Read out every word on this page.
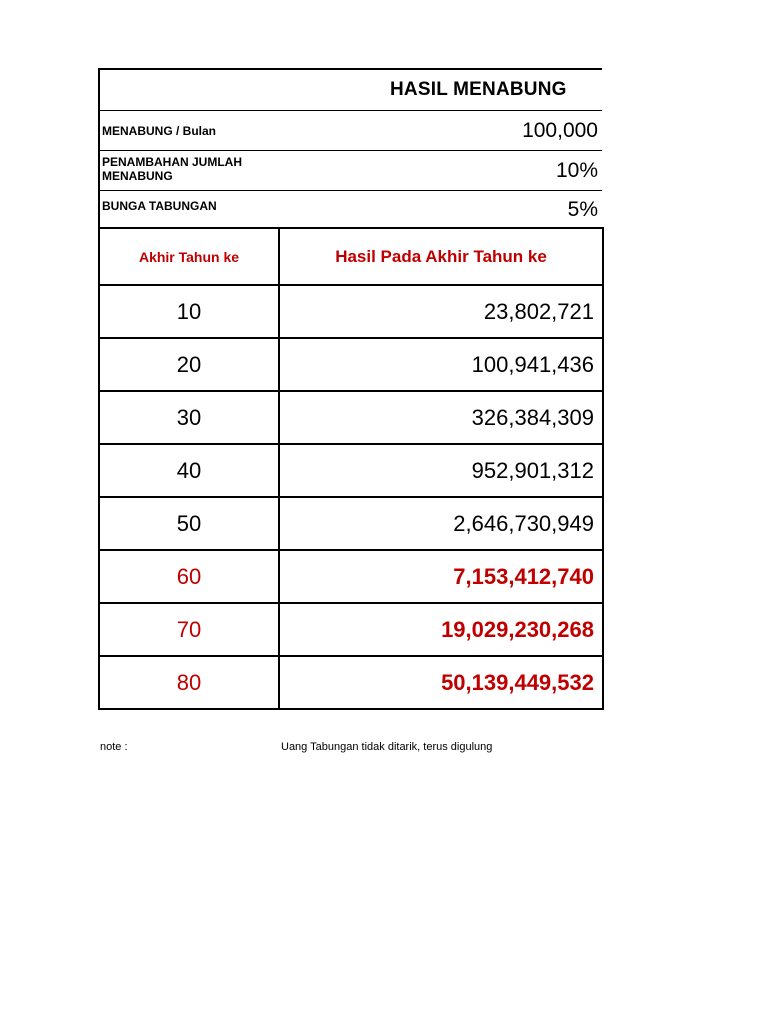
HASIL MENABUNG
MENABUNG / Bulan	100,000
PENAMBAHAN JUMLAH MENABUNG	10%
BUNGA TABUNGAN	5%
Akhir Tahun ke	Hasil Pada Akhir Tahun ke
10	23,802,721
20	100,941,436
30	326,384,309
40	952,901,312
50	2,646,730,949
60	7,153,412,740
70	19,029,230,268
80	50,139,449,532
note :	Uang Tabungan tidak ditarik, terus digulung
